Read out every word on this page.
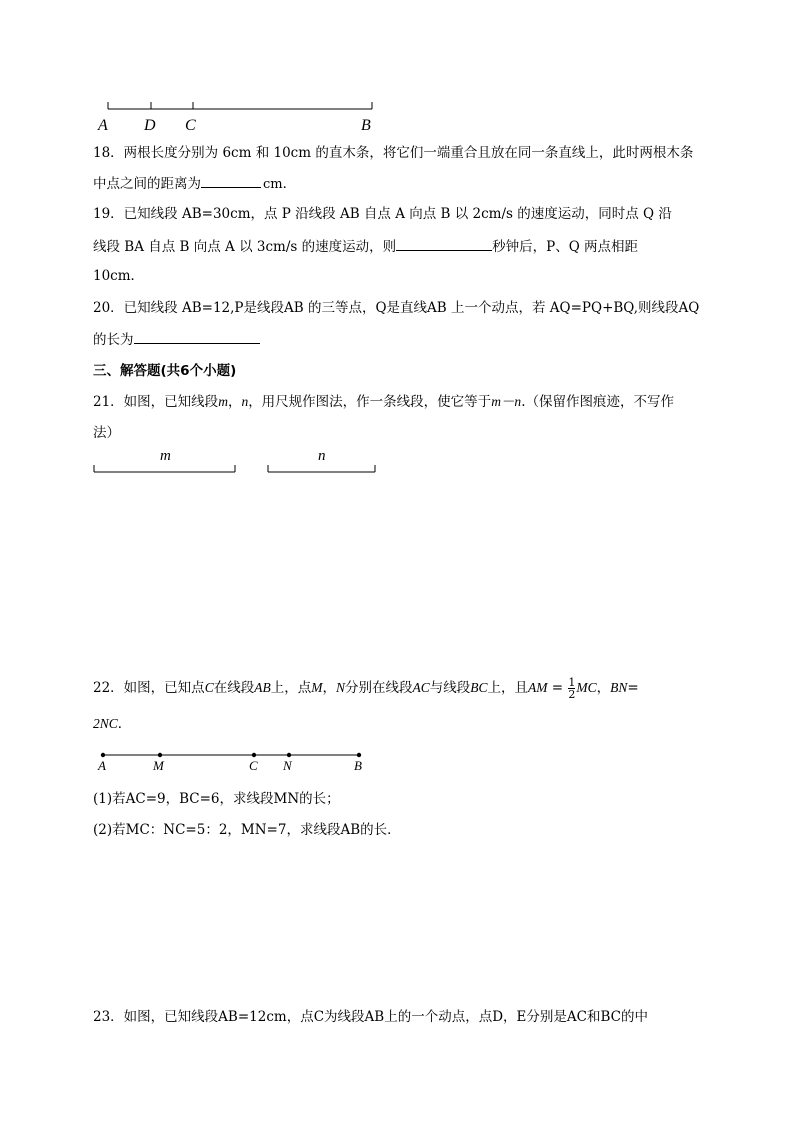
A D C	B
18．两根长度分别为 6cm 和 10cm 的直木条，将它们一端重合且放在同一条直线上，此时两根木条
中点之间的距离为	cm．
19．已知线段 AB=30cm，点 P 沿线段 AB 自点 A 向点 B 以 2cm/s 的速度运动，同时点 Q 沿
线段 BA 自点 B 向点 A 以 3cm/s 的速度运动，则	秒钟后，P、Q 两点相距
10cm．
20．已知线段 AB=12,P是线段AB 的三等点，Q是直线AB 上一个动点，若 AQ=PQ+BQ,则线段AQ
的长为
三、解答题(共6个小题)
21．如图，已知线段m，n，用尺规作图法，作一条线段，使它等于m－n.（保留作图痕迹，不写作
法）
m	n
22．如图，已知点C在线段AB上，点M，N分别在线段AC与线段BC上，且AM = $\frac{1}{2}$ MC，BN=
2NC．
A	M	C N	B
(1)若AC=9，BC=6，求线段MN的长；
(2)若MC：NC=5：2，MN=7，求线段AB的长．
23．如图，已知线段AB=12cm，点C为线段AB上的一个动点，点D，E分别是AC和BC的中
